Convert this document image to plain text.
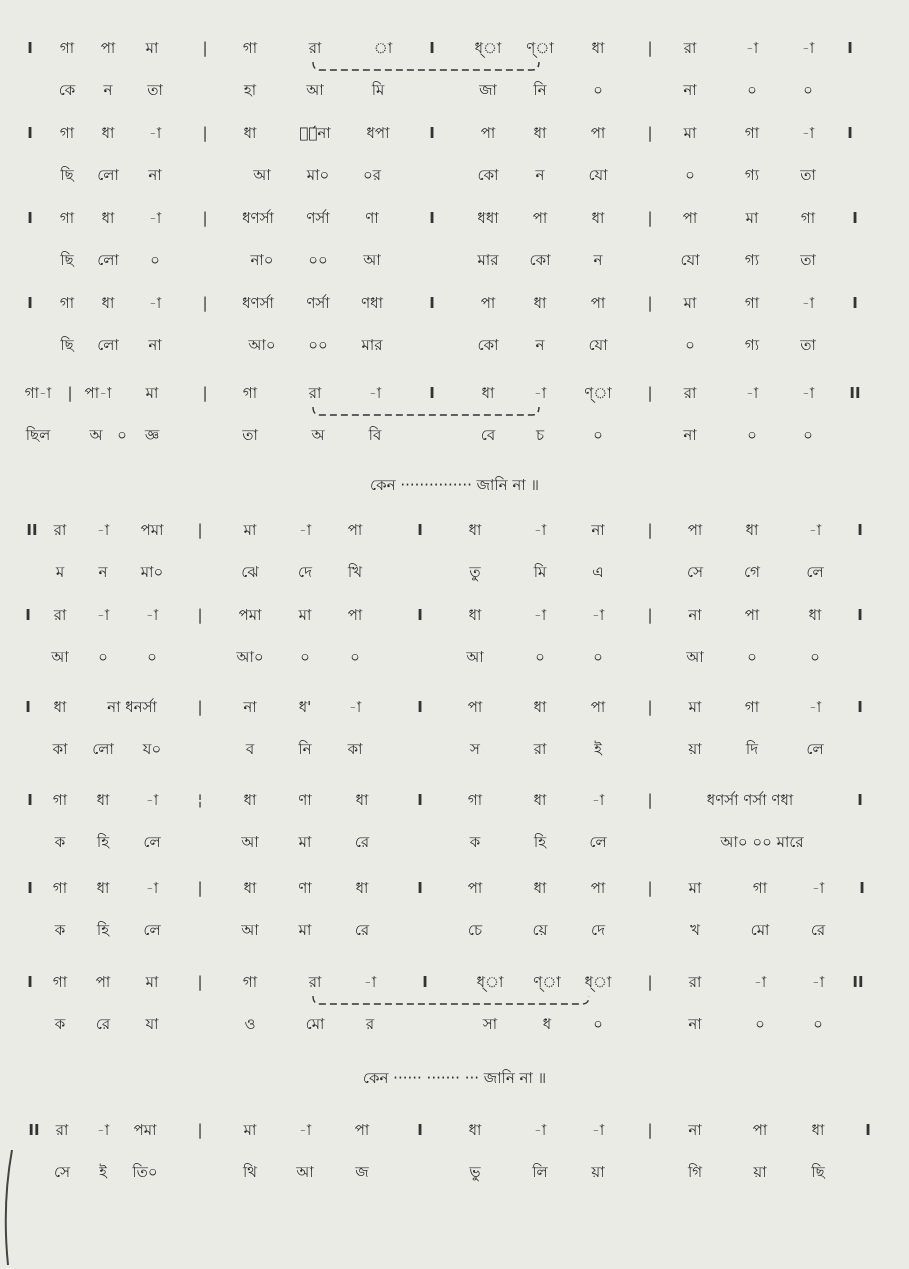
I গা পা মা	| গা	রা	া I	ধ্া ণ্া	ধা	| রা	-া	-া I
কে ন তা	হা	আ	মি	জা নি	০	না	০	০
I গা ধা -া	| ধা	সা́না ধপা	I	পা	ধা	পা	| মা	গা	-া I
ছি লো না	আ মা০ ০র	কো ন	যো	০	গ্য	তা
I গা ধা -া	| ধণর্সা ণর্সা ণা	I	ধধা পা	ধা	| পা	মা	গা I
ছি লো ০	না০ ০০ আ	মার কো	ন	যো	গ্য	তা
I গা ধা -া	| ধণর্সা ণর্সা ণধা	I	পা	ধা	পা	| মা	গা	-া	I
ছি লো না	আ০ ০০ মার	কো ন	যো	০	গ্য	তা
গা-া | পা-া মা	| গা	রা	-া	I	ধা	-া	ণ্া | রা	-া	-া II
ছিল	অ ০ জ্ঞ	তা	অ	বি	বে	চ	০	না	০	০
II রা -া পমা |	মা	-া পা	I	ধা	-া	না	| পা	ধা	-া I
ম ন মা০	ঝে	দে খি	তু	মি	এ	সে	গে	লে
I রা -া -া	| পমা মা পা	I	ধা	-া	-া	| না	পা	ধা I
আ ০	০	আ০ ০	০	আ	০	০	আ	০	০
I ধা	না ধনর্সা	|	না	ধ'	-া	I	পা	ধা	পা	| মা	গা	-া I
কা লো য০	ব	নি কা	স	রা	ই	য়া	দি	লে
I গা ধা -া	¦	ধা	ণা	ধা	I	গা	ধা	-া	|	ধণর্সা ণর্সা ণধা	I
ক হি লে	আ	মা	রে	ক	হি	লে	আ০ ০০ মারে
I গা ধা -া	|	ধা	ণা	ধা	I	পা	ধা	পা	| মা	গা	-া I
ক হি লে	আ	মা	রে	চে	য়ে	দে	খ	মো	রে
I গা পা মা	|	গা	রা	-া	I	ধ্া ণ্া ধ্া | রা	-া	-া II
ক রে যা	ও	মো	র	সা	ধ	০	না	০	০
II রা -া পমা	|	মা	-া	পা	I	ধা	-া	-া	| না	পা	ধা	I
সে ই তি০	থি	আ	জ	ভু	লি	য়া	গি	য়া	ছি
কেন ··············· জানি না ॥
কেন ······ ······· ··· জানি না ॥
